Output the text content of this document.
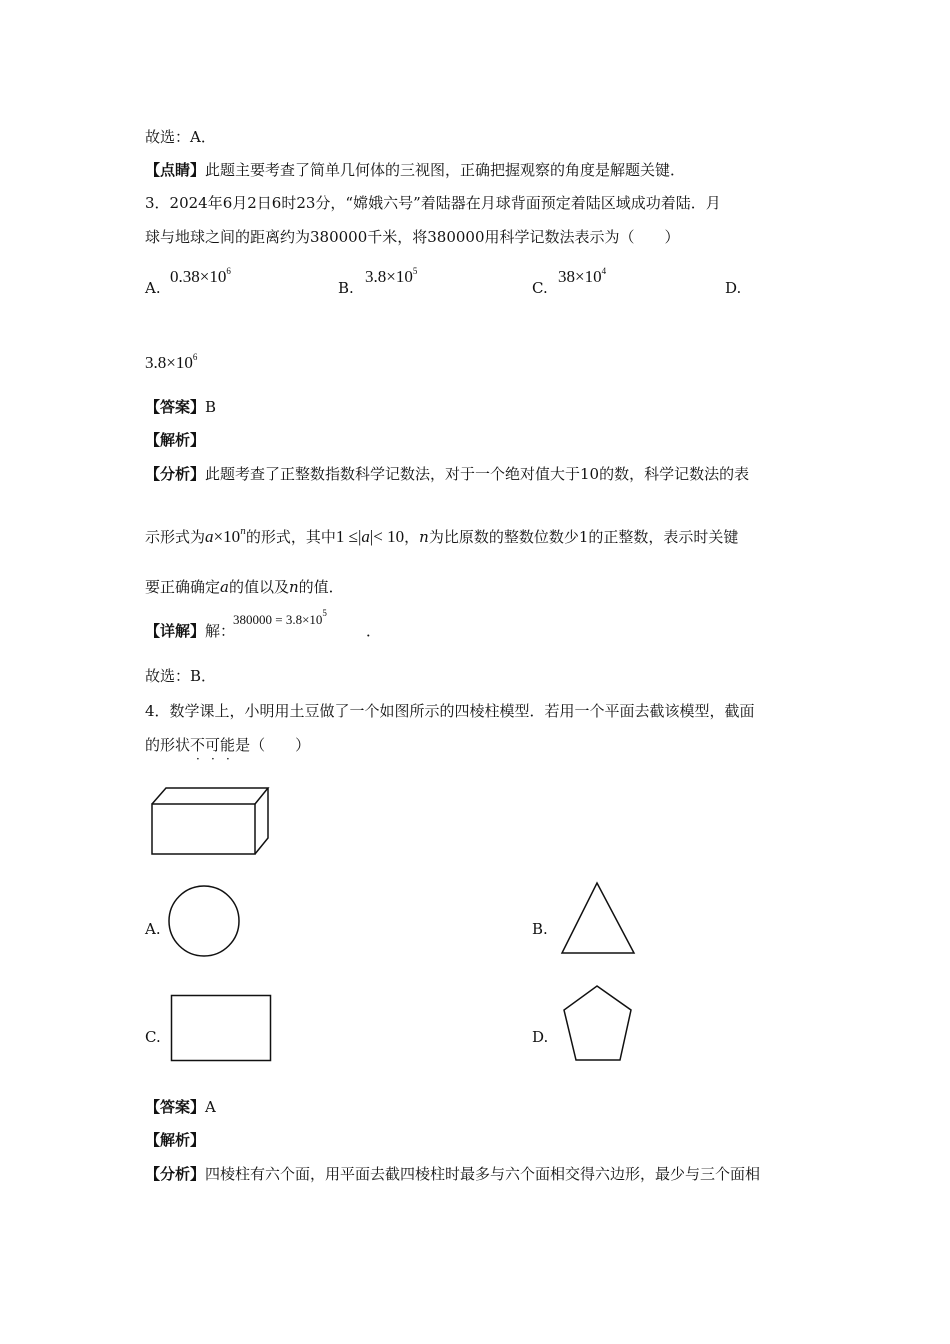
故选：A．
【点睛】此题主要考查了简单几何体的三视图，正确把握观察的角度是解题关键．
3．2024年6月2日6时23分，“嫦娥六号”着陆器在月球背面预定着陆区域成功着陆．月
球与地球之间的距离约为380000千米，将380000用科学记数法表示为（　　）
A.
$0.38\times 10^6$
B.
$3.8\times 10^5$
C.
$38\times 10^4$
D.
$3.8\times 10^6$
【答案】B
【解析】
【分析】此题考查了正整数指数科学记数法，对于一个绝对值大于10的数，科学记数法的表
示形式为$a\times 10^n$的形式，其中1 ≤|a|< 10，n为比原数的整数位数少1的正整数，表示时关键
要正确确定a的值以及n的值．
【详解】解：
$380000 = 3.8\times 10^5$
．
故选：B．
4．数学课上，小明用土豆做了一个如图所示的四棱柱模型．若用一个平面去截该模型，截面
的形状不
·
可
·
能
·
是（　　）
A.	B.
C.	D.
【答案】A
【解析】
【分析】四棱柱有六个面，用平面去截四棱柱时最多与六个面相交得六边形，最少与三个面相
